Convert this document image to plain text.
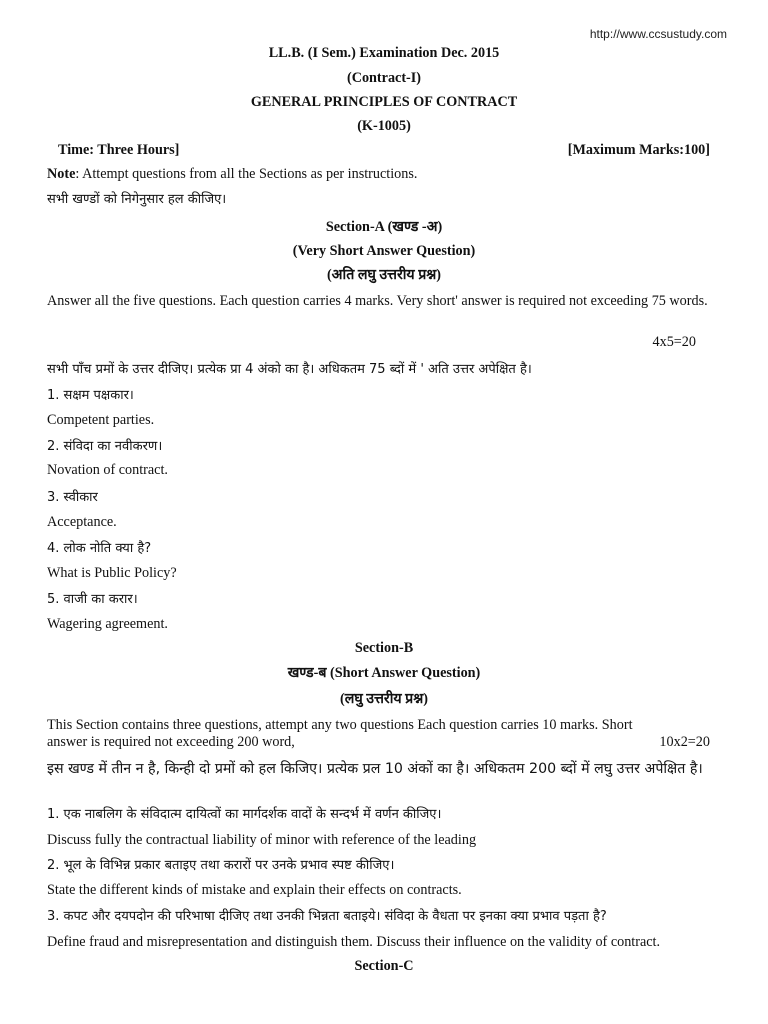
http://www.ccsustudy.com
LL.B. (I Sem.) Examination Dec. 2015
(Contract-I)
GENERAL PRINCIPLES OF CONTRACT
(K-1005)
Time: Three Hours]	[Maximum Marks:100]
Note: Attempt questions from all the Sections as per instructions.
सभी खण्डों को निगेनुसार हल कीजिए।
Section-A (खण्ड -अ)
(Very Short Answer Question)
(अति लघु उत्तरीय प्रश्न)
Answer all the five questions. Each question carries 4 marks. Very short' answer is required not exceeding 75 words.
4x5=20
सभी पाँच प्रमों के उत्तर दीजिए। प्रत्येक प्रा 4 अंको का है। अधिकतम 75 ब्दों में ' अति उत्तर अपेक्षित है।
1. सक्षम पक्षकार।
Competent parties.
2. संविदा का नवीकरण।
Novation of contract.
3. स्वीकार
Acceptance.
4. लोक नोति क्या है?
What is Public Policy?
5. वाजी का करार।
Wagering agreement.
Section-B
खण्ड-ब (Short Answer Question)
(लघु उत्तरीय प्रश्न)
This Section contains three questions, attempt any two questions Each question carries 10 marks. Short answer is required not exceeding 200 word,	10x2=20
इस खण्ड में तीन न है, किन्ही दो प्रमों को हल किजिए। प्रत्येक प्रल 10 अंकों का है। अधिकतम 200 ब्दों में लघु उत्तर अपेक्षित है।
1. एक नाबलिग के संविदात्म दायित्वों का मार्गदर्शक वादों के सन्दर्भ में वर्णन कीजिए।
Discuss fully the contractual liability of minor with reference of the leading
2. भूल के विभिन्न प्रकार बताइए तथा करारों पर उनके प्रभाव स्पष्ट कीजिए।
State the different kinds of mistake and explain their effects on contracts.
3. कपट और दयपदोन की परिभाषा दीजिए तथा उनकी भिन्नता बताइये। संविदा के वैधता पर इनका क्या प्रभाव पड़ता है?
Define fraud and misrepresentation and distinguish them. Discuss their influence on the validity of contract.
Section-C
